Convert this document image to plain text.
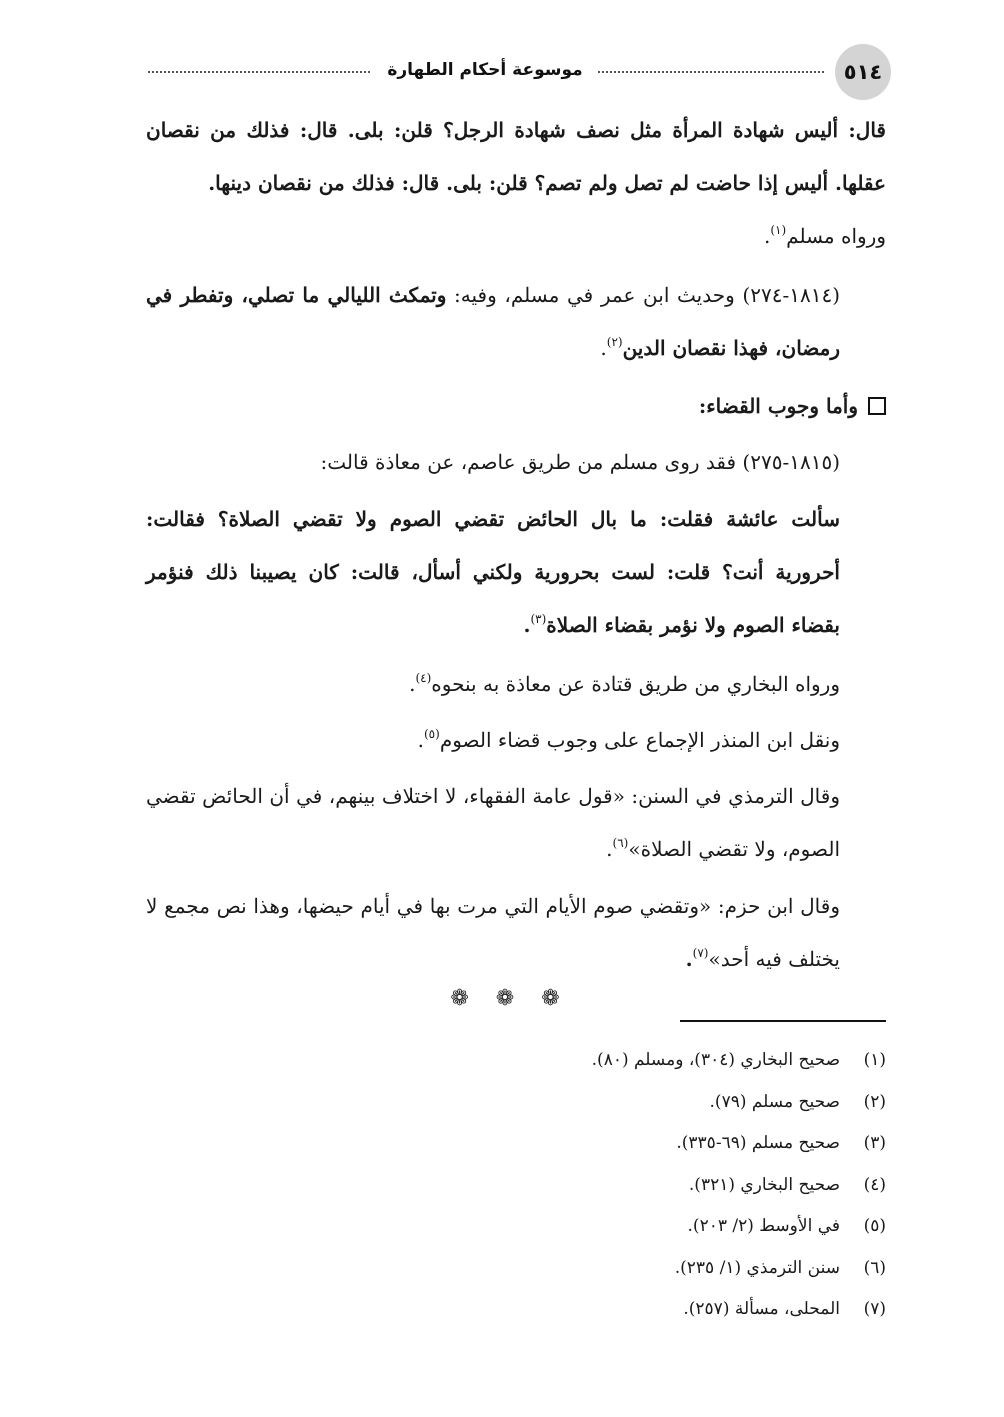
٥١٤
موسوعة أحكام الطهارة

قال: أليس شهادة المرأة مثل نصف شهادة الرجل؟ قلن: بلى. قال: فذلك من نقصان عقلها. أليس إذا حاضت لم تصل ولم تصم؟ قلن: بلى. قال: فذلك من نقصان دينها.

ورواه مسلم$^{(١)}$.

(١٨١٤-٢٧٤) وحديث ابن عمر في مسلم، وفيه: وتمكث الليالي ما تصلي، وتفطر في رمضان، فهذا نقصان الدين$^{(٢)}$.

وأما وجوب القضاء:

(١٨١٥-٢٧٥) فقد روى مسلم من طريق عاصم، عن معاذة قالت:

سألت عائشة فقلت: ما بال الحائض تقضي الصوم ولا تقضي الصلاة؟ فقالت: أحرورية أنت؟ قلت: لست بحرورية ولكني أسأل، قالت: كان يصيبنا ذلك فنؤمر بقضاء الصوم ولا نؤمر بقضاء الصلاة$^{(٣)}$.

ورواه البخاري من طريق قتادة عن معاذة به بنحوه$^{(٤)}$.

ونقل ابن المنذر الإجماع على وجوب قضاء الصوم$^{(٥)}$.

وقال الترمذي في السنن: «قول عامة الفقهاء، لا اختلاف بينهم، في أن الحائض تقضي الصوم، ولا تقضي الصلاة»$^{(٦)}$.

وقال ابن حزم: «وتقضي صوم الأيام التي مرت بها في أيام حيضها، وهذا نص مجمع لا يختلف فيه أحد»$^{(٧)}$.

❁ ❁ ❁
(١)صحيح البخاري (٣٠٤)، ومسلم (٨٠).
(٢)صحيح مسلم (٧٩).
(٣)صحيح مسلم (٦٩-٣٣٥).
(٤)صحيح البخاري (٣٢١).
(٥)في الأوسط (٢/ ٢٠٣).
(٦)سنن الترمذي (١/ ٢٣٥).
(٧)المحلى، مسألة (٢٥٧).
